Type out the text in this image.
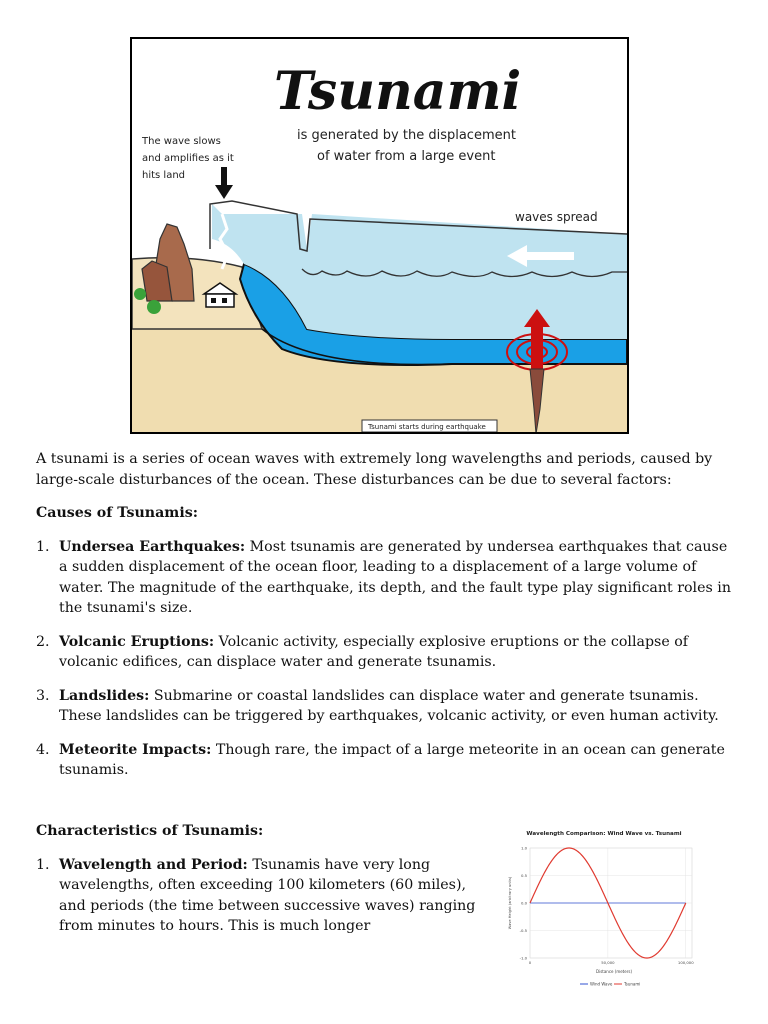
Tsunami
is generated by the displacement
of water from a large event
The wave slows
and amplifies as it
hits land
waves spread
Tsunami starts during earthquake

A tsunami is a series of ocean waves with extremely long wavelengths and periods, caused by large-scale disturbances of the ocean. These disturbances can be due to several factors:

Causes of Tsunamis:
1. Undersea Earthquakes: Most tsunamis are generated by undersea earthquakes that cause a sudden displacement of the ocean floor, leading to a displacement of a large volume of water. The magnitude of the earthquake, its depth, and the fault type play significant roles in the tsunami's size.
2. Volcanic Eruptions: Volcanic activity, especially explosive eruptions or the collapse of volcanic edifices, can displace water and generate tsunamis.
3. Landslides: Submarine or coastal landslides can displace water and generate tsunamis. These landslides can be triggered by earthquakes, volcanic activity, or even human activity.
4. Meteorite Impacts: Though rare, the impact of a large meteorite in an ocean can generate tsunamis.
Characteristics of Tsunamis:
1. Wavelength and Period: Tsunamis have very long wavelengths, often exceeding 100 kilometers (60 miles), and periods (the time between successive waves) ranging from minutes to hours. This is much longer
Wavelength Comparison: Wind Wave vs. Tsunami
Wave Height (arbitrary units)
Distance (meters)
-1.0
-0.5
0.0
0.5
1.0
0	50,000	100,000
Wind Wave	Tsunami
